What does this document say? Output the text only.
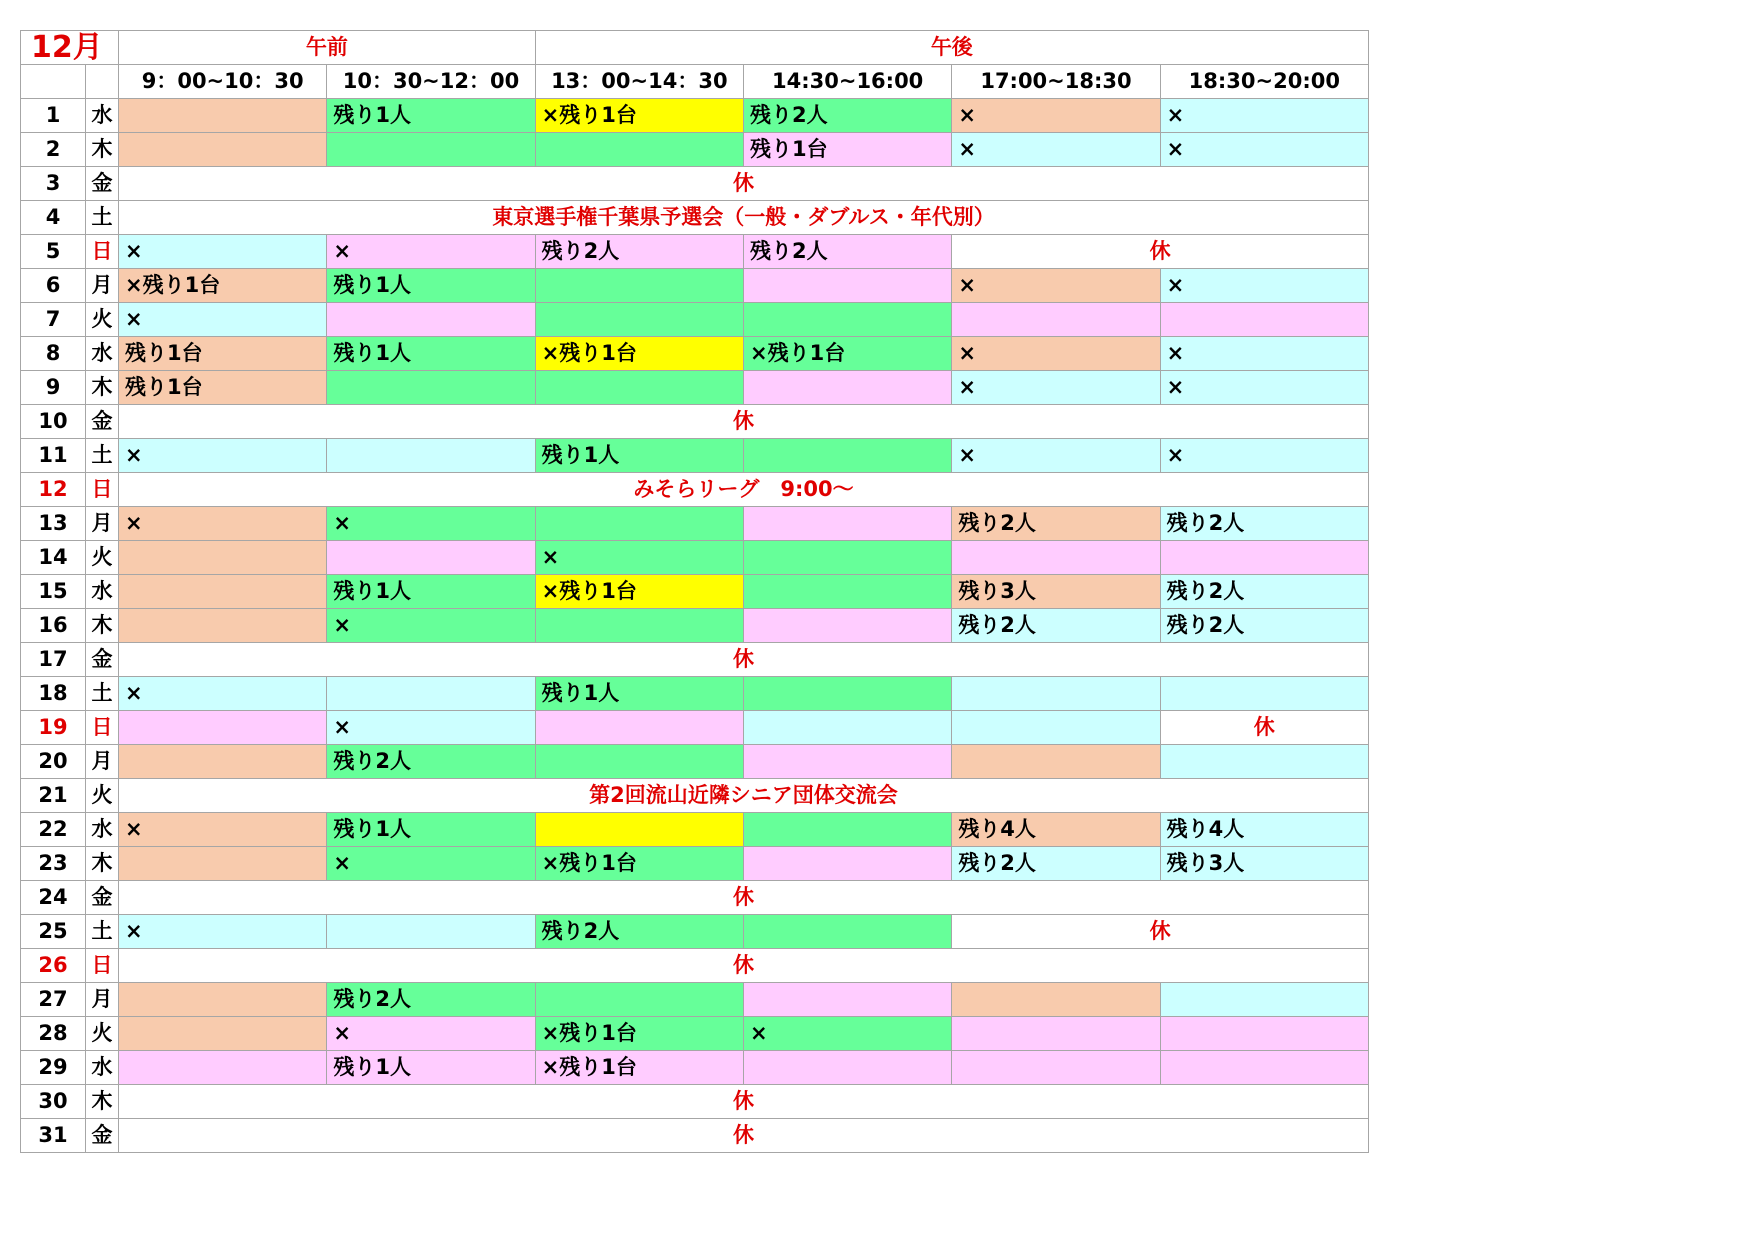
12月		午前		午後			
		9：00~10：30	10：30~12：00	13：00~14：30	14:30~16:00	17:00~18:30	18:30~20:00
1	水		残り1人	×残り1台	残り2人	×	×
2	木				残り1台	×	×
3	金	休					
4	土	東京選手権千葉県予選会（一般・ダブルス・年代別）					
5	日	×	×	残り2人	残り2人	休	
6	月	×残り1台	残り1人			×	×
7	火	×					
8	水	残り1台	残り1人	×残り1台	×残り1台	×	×
9	木	残り1台				×	×
10	金	休					
11	土	×		残り1人		×	×
12	日	みそらリーグ　9:00～					
13	月	×	×			残り2人	残り2人
14	火			×			
15	水		残り1人	×残り1台		残り3人	残り2人
16	木		×			残り2人	残り2人
17	金	休					
18	土	×		残り1人			
19	日		×				休
20	月		残り2人				
21	火	第2回流山近隣シニア団体交流会					
22	水	×	残り1人			残り4人	残り4人
23	木		×	×残り1台		残り2人	残り3人
24	金	休					
25	土	×		残り2人		休	
26	日	休					
27	月		残り2人				
28	火		×	×残り1台	×		
29	水		残り1人	×残り1台			
30	木	休					
31	金	休					
